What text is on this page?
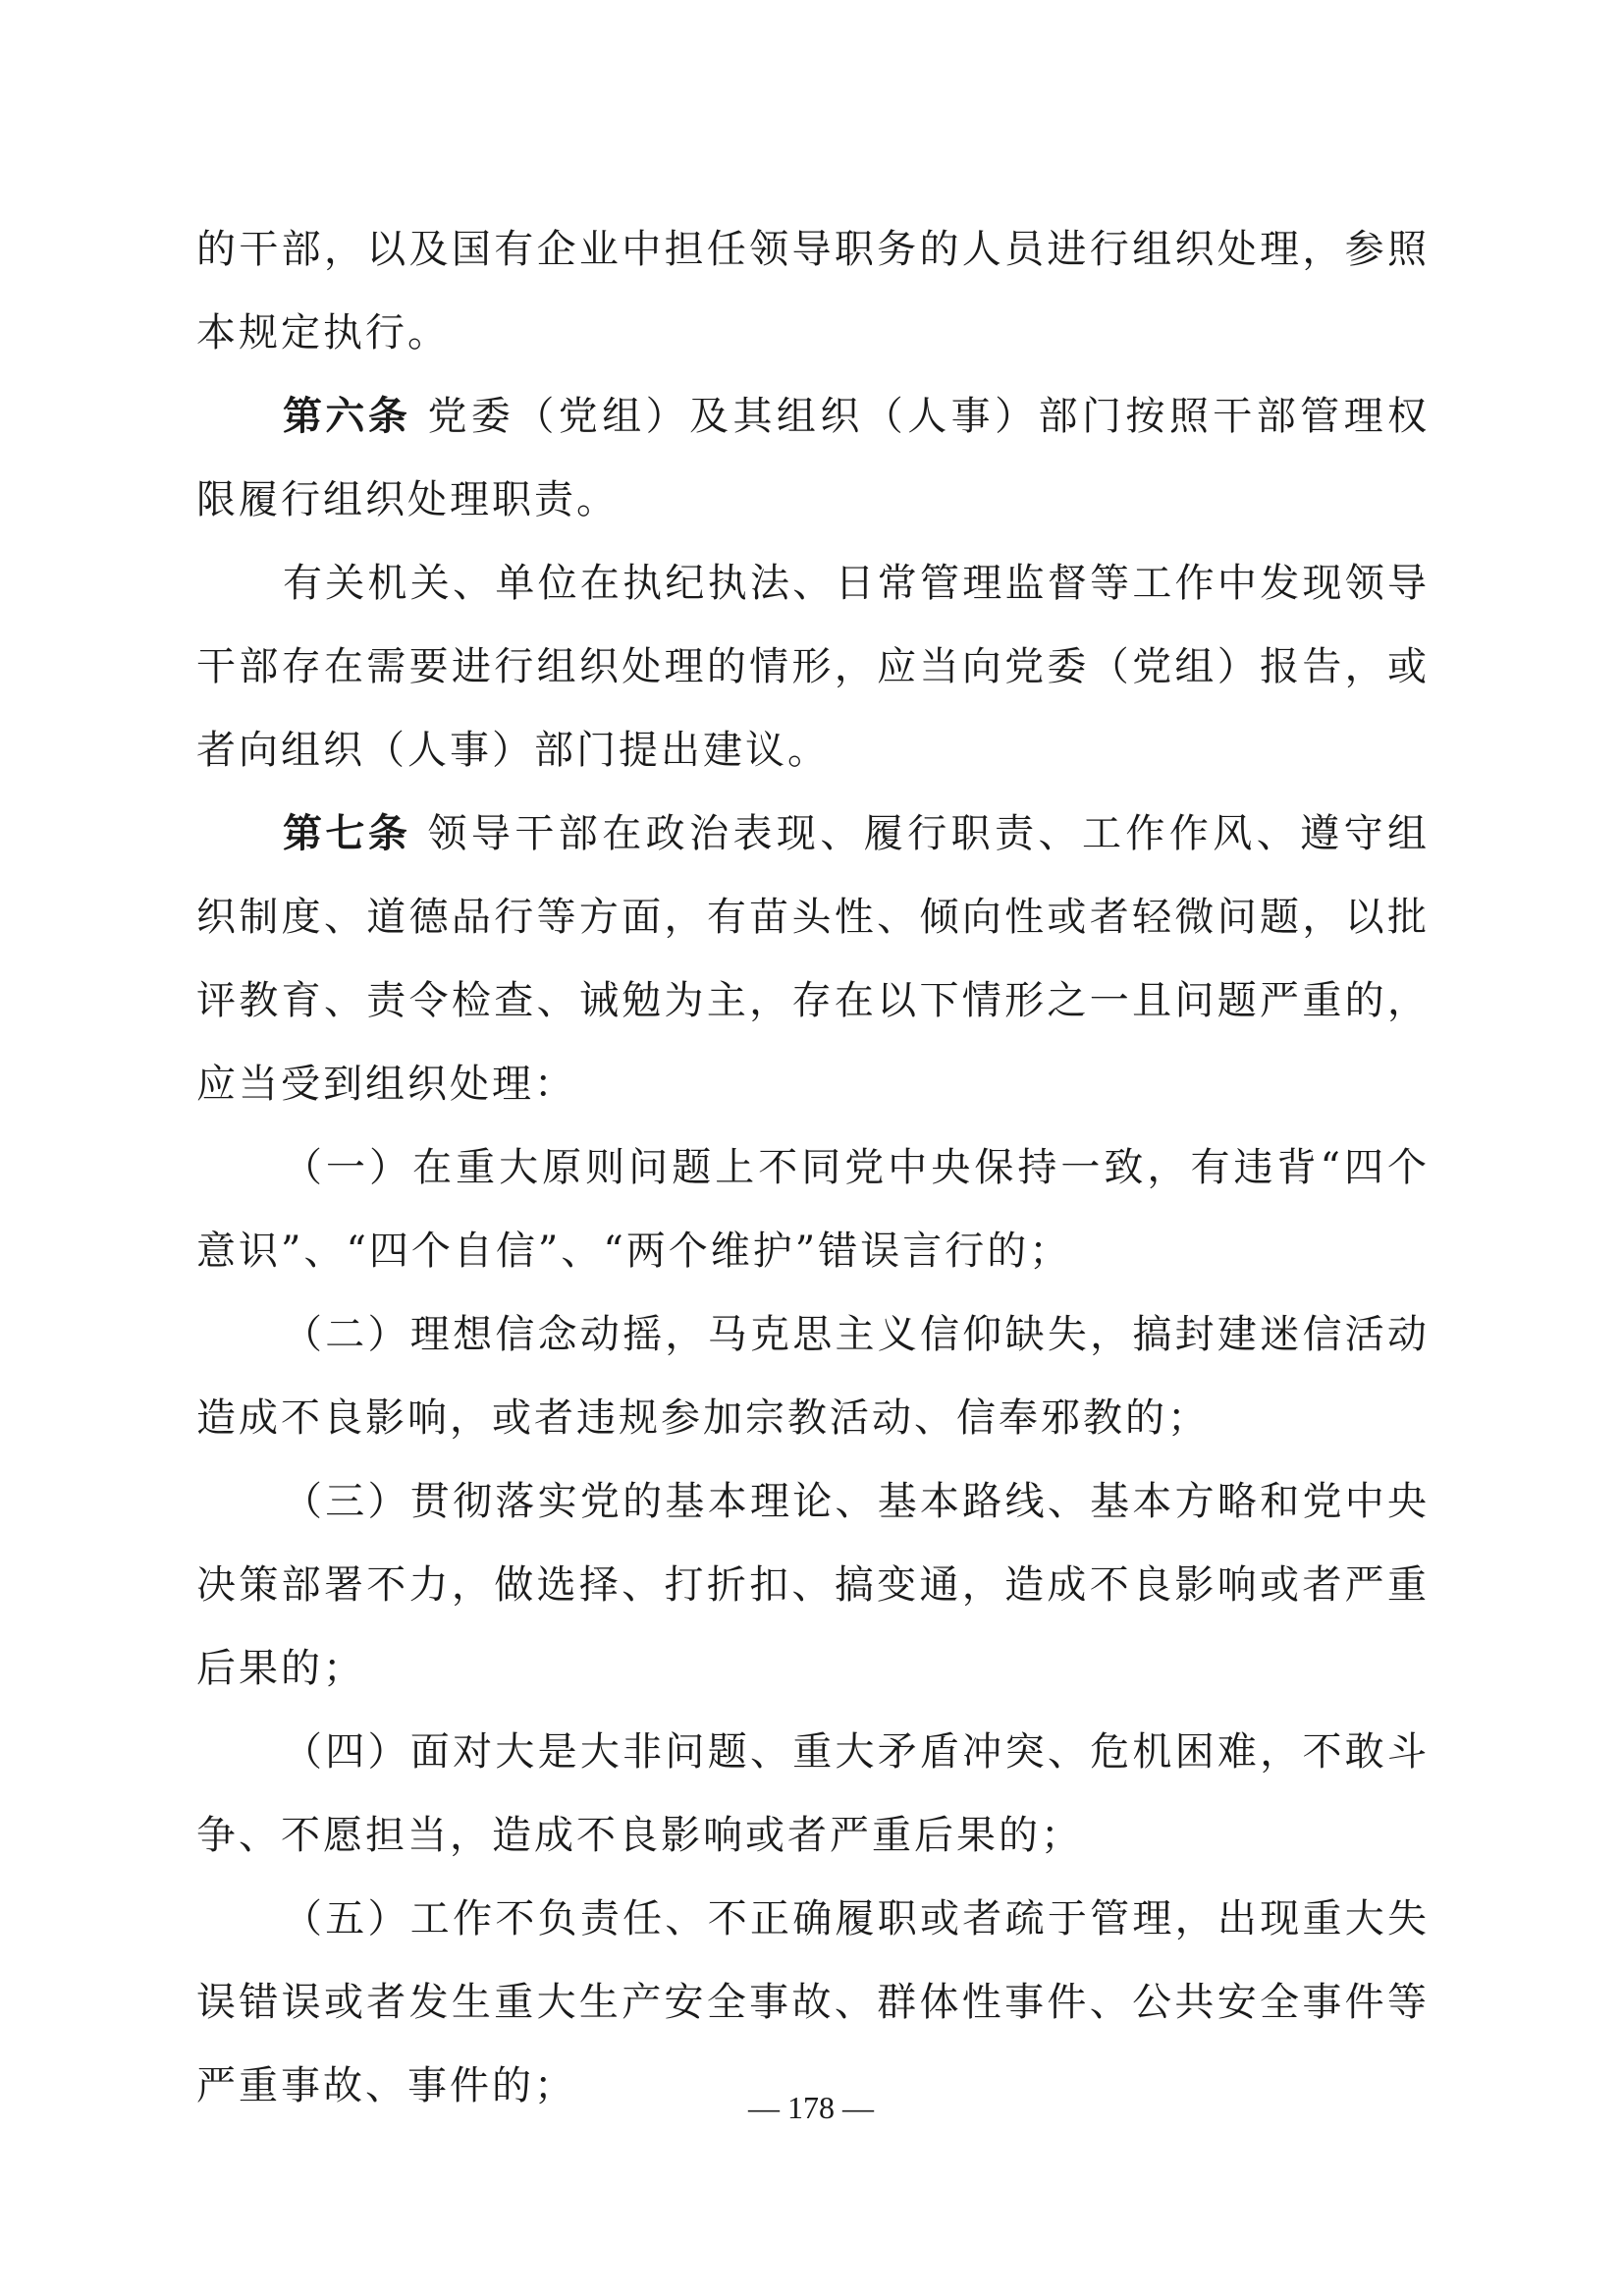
的干部，以及国有企业中担任领导职务的人员进行组织处理，参照本规定执行。

第六条 党委（党组）及其组织（人事）部门按照干部管理权限履行组织处理职责。

有关机关、单位在执纪执法、日常管理监督等工作中发现领导干部存在需要进行组织处理的情形，应当向党委（党组）报告，或者向组织（人事）部门提出建议。

第七条 领导干部在政治表现、履行职责、工作作风、遵守组织制度、道德品行等方面，有苗头性、倾向性或者轻微问题，以批评教育、责令检查、诫勉为主，存在以下情形之一且问题严重的，应当受到组织处理：

（一）在重大原则问题上不同党中央保持一致，有违背“四个意识”、“四个自信”、“两个维护”错误言行的；

（二）理想信念动摇，马克思主义信仰缺失，搞封建迷信活动造成不良影响，或者违规参加宗教活动、信奉邪教的；

（三）贯彻落实党的基本理论、基本路线、基本方略和党中央决策部署不力，做选择、打折扣、搞变通，造成不良影响或者严重后果的；

（四）面对大是大非问题、重大矛盾冲突、危机困难，不敢斗争、不愿担当，造成不良影响或者严重后果的；

（五）工作不负责任、不正确履职或者疏于管理，出现重大失误错误或者发生重大生产安全事故、群体性事件、公共安全事件等严重事故、事件的；	— 178 —
